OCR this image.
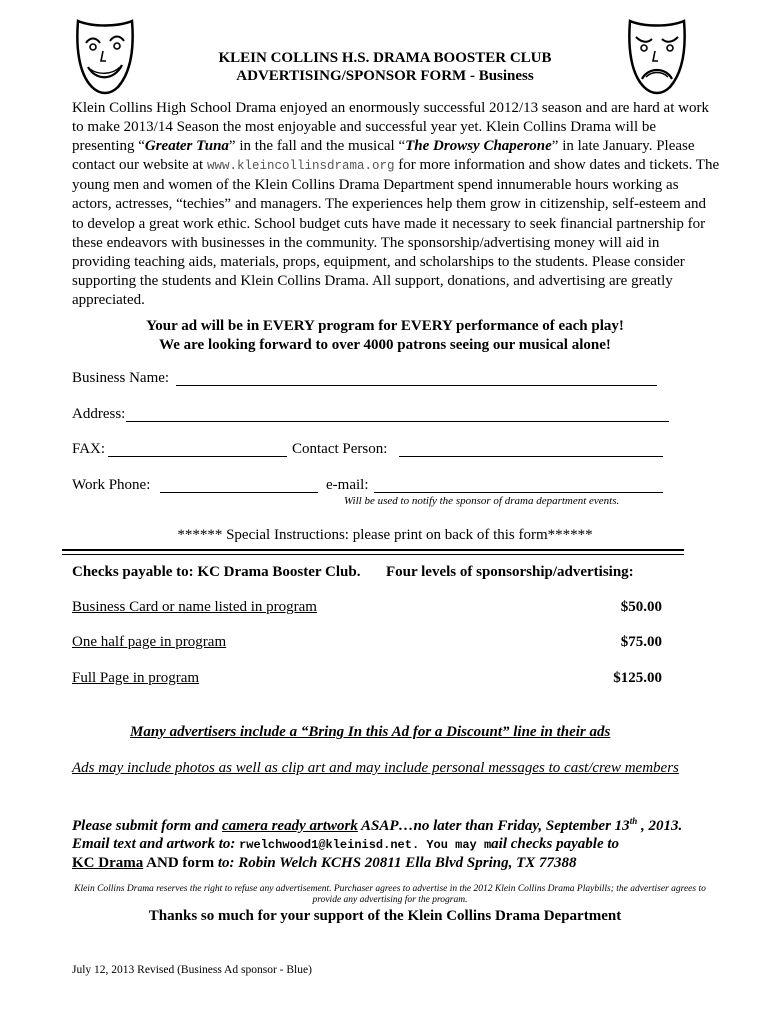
KLEIN COLLINS H.S. DRAMA BOOSTER CLUB
ADVERTISING/SPONSOR FORM - Business
Klein Collins High School Drama enjoyed an enormously successful 2012/13 season and are hard at work to make 2013/14 Season the most enjoyable and successful year yet. Klein Collins Drama will be presenting “Greater Tuna” in the fall and the musical “The Drowsy Chaperone” in late January. Please contact our website at www.kleincollinsdrama.org for more information and show dates and tickets. The young men and women of the Klein Collins Drama Department spend innumerable hours working as actors, actresses, “techies” and managers. The experiences help them grow in citizenship, self-esteem and to develop a great work ethic. School budget cuts have made it necessary to seek financial partnership for these endeavors with businesses in the community. The sponsorship/advertising money will aid in providing teaching aids, materials, props, equipment, and scholarships to the students. Please consider supporting the students and Klein Collins Drama. All support, donations, and advertising are greatly appreciated.
Your ad will be in EVERY program for EVERY performance of each play!
We are looking forward to over 4000 patrons seeing our musical alone!
Business Name:
Address:
FAX:	Contact Person:
Work Phone:	e-mail:
Will be used to notify the sponsor of drama department events.
****** Special Instructions: please print on back of this form******
Checks payable to: KC Drama Booster Club. Four levels of sponsorship/advertising:
Business Card or name listed in program	$50.00
One half page in program	$75.00
Full Page in program	$125.00
Many advertisers include a “Bring In this Ad for a Discount” line in their ads
Ads may include photos as well as clip art and may include personal messages to cast/crew members
Please submit form and camera ready artwork ASAP…no later than Friday, September 13th , 2013.
Email text and artwork to: rwelchwood1@kleinisd.net. You may mail checks payable to
KC Drama AND form to: Robin Welch KCHS 20811 Ella Blvd Spring, TX 77388
Klein Collins Drama reserves the right to refuse any advertisement. Purchaser agrees to advertise in the 2012 Klein Collins Drama Playbills; the advertiser agrees to provide any advertising for the program.
Thanks so much for your support of the Klein Collins Drama Department
July 12, 2013 Revised (Business Ad sponsor - Blue)
